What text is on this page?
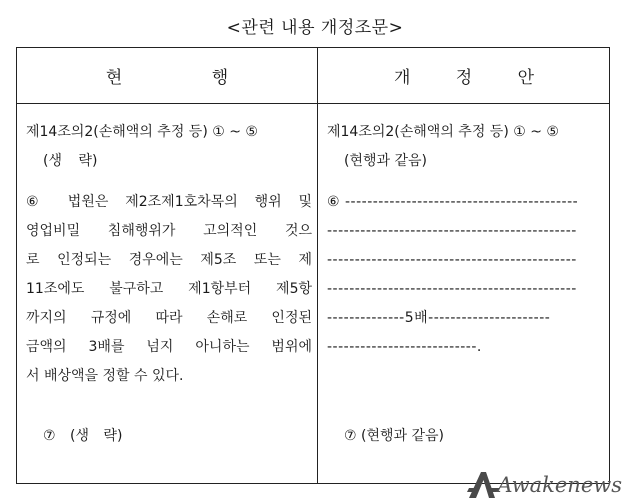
<관련 내용 개정조문>
현 행	개 정 안

제14조의2(손해액의 추정 등) ① ~ ⑤

(생 략)

⑥ 법원은 제2조제1호차목의 행위 및

영업비밀 침해행위가 고의적인 것으

로 인정되는 경우에는 제5조 또는 제

11조에도 불구하고 제1항부터 제5항

까지의 규정에 따라 손해로 인정된

금액의 3배를 넘지 아니하는 범위에

서 배상액을 정할 수 있다.

⑦ (생 략)

제14조의2(손해액의 추정 등) ① ~ ⑤

(현행과 같음)

⑥ ------------------------------------------

---------------------------------------------

---------------------------------------------

---------------------------------------------

--------------5배----------------------

---------------------------.

⑦ (현행과 같음)

Awakenews
